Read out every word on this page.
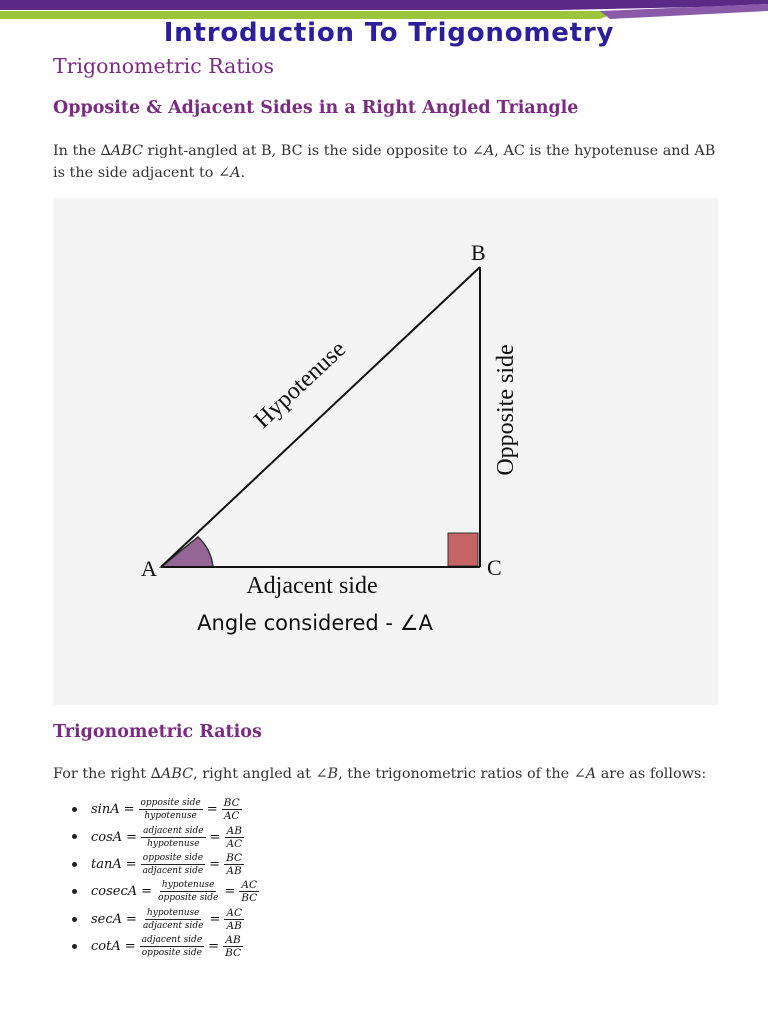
Introduction To Trigonometry
Trigonometric Ratios
Opposite & Adjacent Sides in a Right Angled Triangle

In the ∆ABC right-angled at B, BC is the side opposite to ∠A, AC is the hypotenuse and AB is the side adjacent to ∠A.

A
B
C
Hypotenuse	Opposite side
Adjacent side
Angle considered - ∠A
Trigonometric Ratios

For the right ∆ABC, right angled at ∠B, the trigonometric ratios of the ∠A are as follows:

$\sin A = \frac{\text{opposite side}}{\text{hypotenuse}} = \frac{BC}{AC}$
$\cos A = \frac{\text{adjacent side}}{\text{hypotenuse}} = \frac{AB}{AC}$
$\tan A = \frac{\text{opposite side}}{\text{adjacent side}} = \frac{BC}{AB}$
$cosecA = \frac{\text{hypotenuse}}{\text{opposite side}} = \frac{AC}{BC}$
$\sec A = \frac{\text{hypotenuse}}{\text{adjacent side}} = \frac{AC}{AB}$
$\cot A = \frac{\text{adjacent side}}{\text{opposite side}} = \frac{AB}{BC}$
